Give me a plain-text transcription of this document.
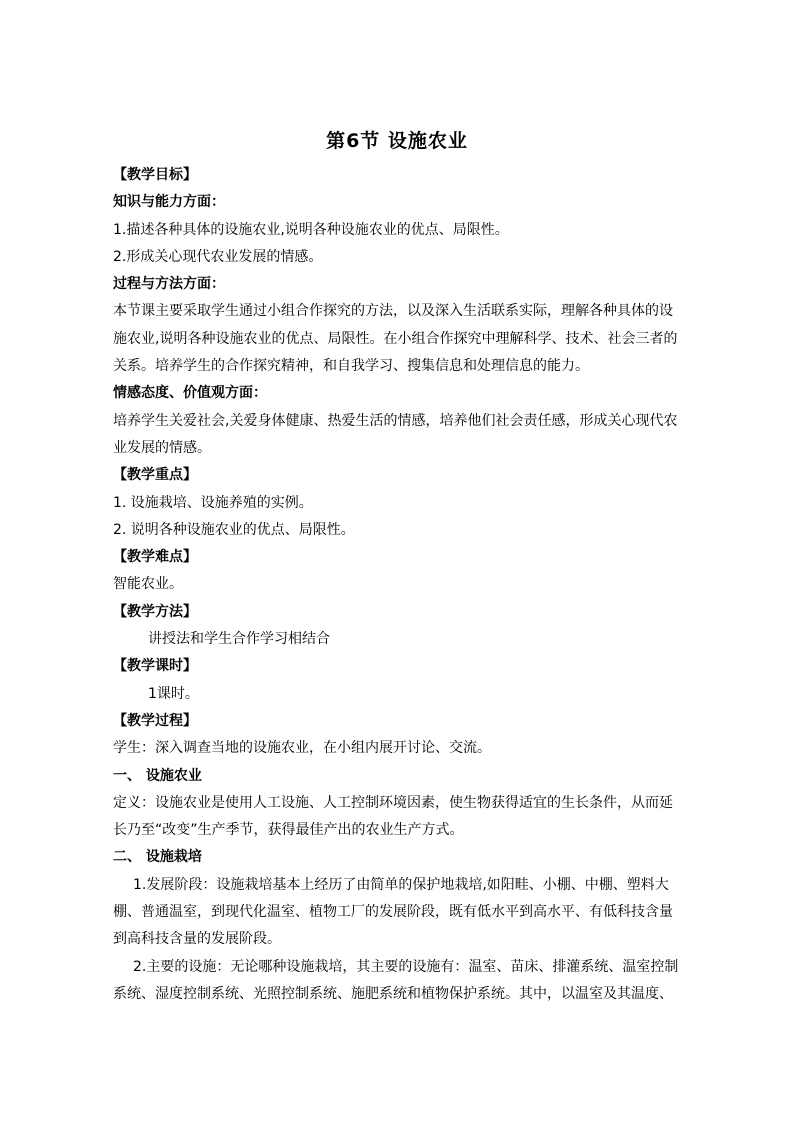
第6节 设施农业
【教学目标】
知识与能力方面：
1.描述各种具体的设施农业,说明各种设施农业的优点、局限性。
2.形成关心现代农业发展的情感。
过程与方法方面：
本节课主要采取学生通过小组合作探究的方法，以及深入生活联系实际，理解各种具体的设
施农业,说明各种设施农业的优点、局限性。在小组合作探究中理解科学、技术、社会三者的
关系。培养学生的合作探究精神，和自我学习、搜集信息和处理信息的能力。
情感态度、价值观方面：
培养学生关爱社会,关爱身体健康、热爱生活的情感，培养他们社会责任感，形成关心现代农
业发展的情感。
【教学重点】
1. 设施栽培、设施养殖的实例。
2. 说明各种设施农业的优点、局限性。
【教学难点】
智能农业。
【教学方法】
讲授法和学生合作学习相结合
【教学课时】
1课时。
【教学过程】
学生：深入调查当地的设施农业，在小组内展开讨论、交流。
一、 设施农业
定义：设施农业是使用人工设施、人工控制环境因素，使生物获得适宜的生长条件，从而延
长乃至“改变”生产季节，获得最佳产出的农业生产方式。
二、 设施栽培
1.发展阶段：设施栽培基本上经历了由简单的保护地栽培,如阳畦、小棚、中棚、塑料大
棚、普通温室，到现代化温室、植物工厂的发展阶段，既有低水平到高水平、有低科技含量
到高科技含量的发展阶段。
2.主要的设施：无论哪种设施栽培，其主要的设施有：温室、苗床、排灌系统、温室控制
系统、湿度控制系统、光照控制系统、施肥系统和植物保护系统。其中，以温室及其温度、
